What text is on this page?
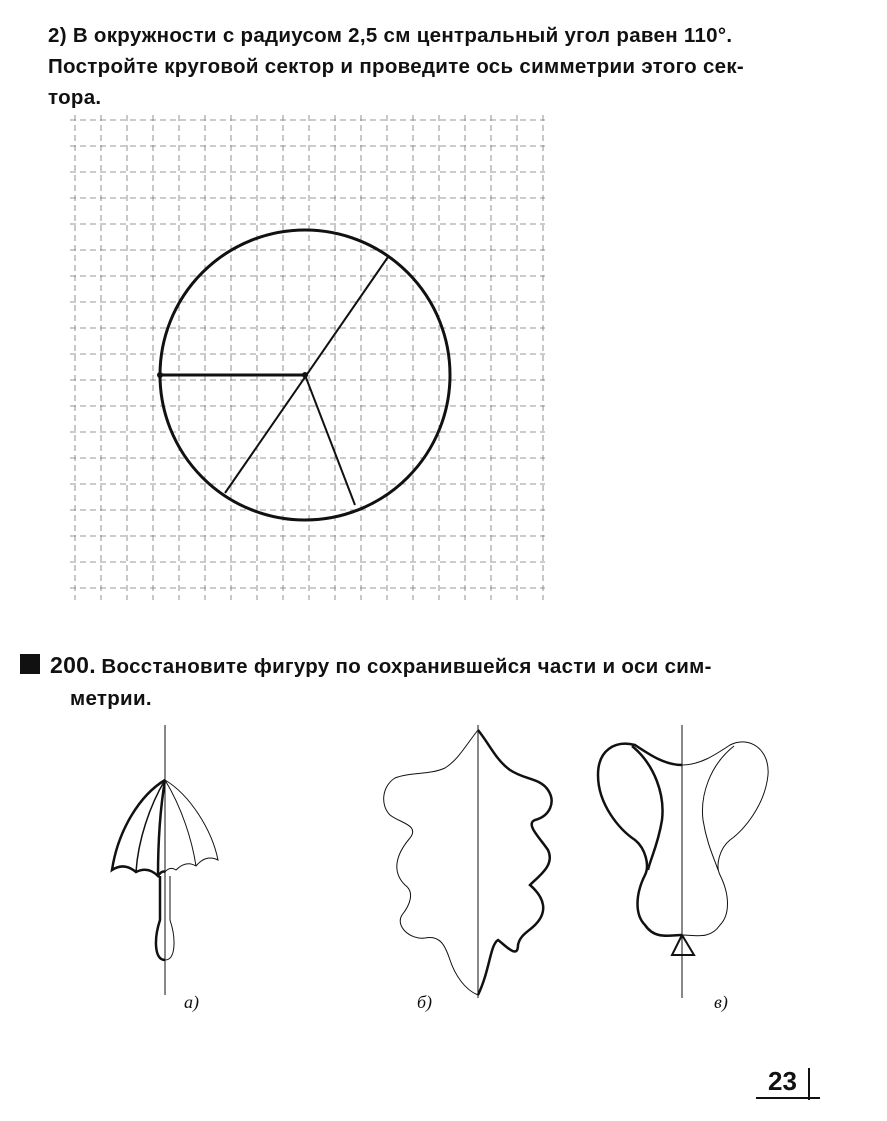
2) В окружности с радиусом 2,5 см центральный угол равен 110°.
Постройте круговой сектор и проведите ось симметрии этого сек-
тора.
200. Восстановите фигуру по сохранившейся части и оси сим-
метрии.
а)	б)	в)
23
